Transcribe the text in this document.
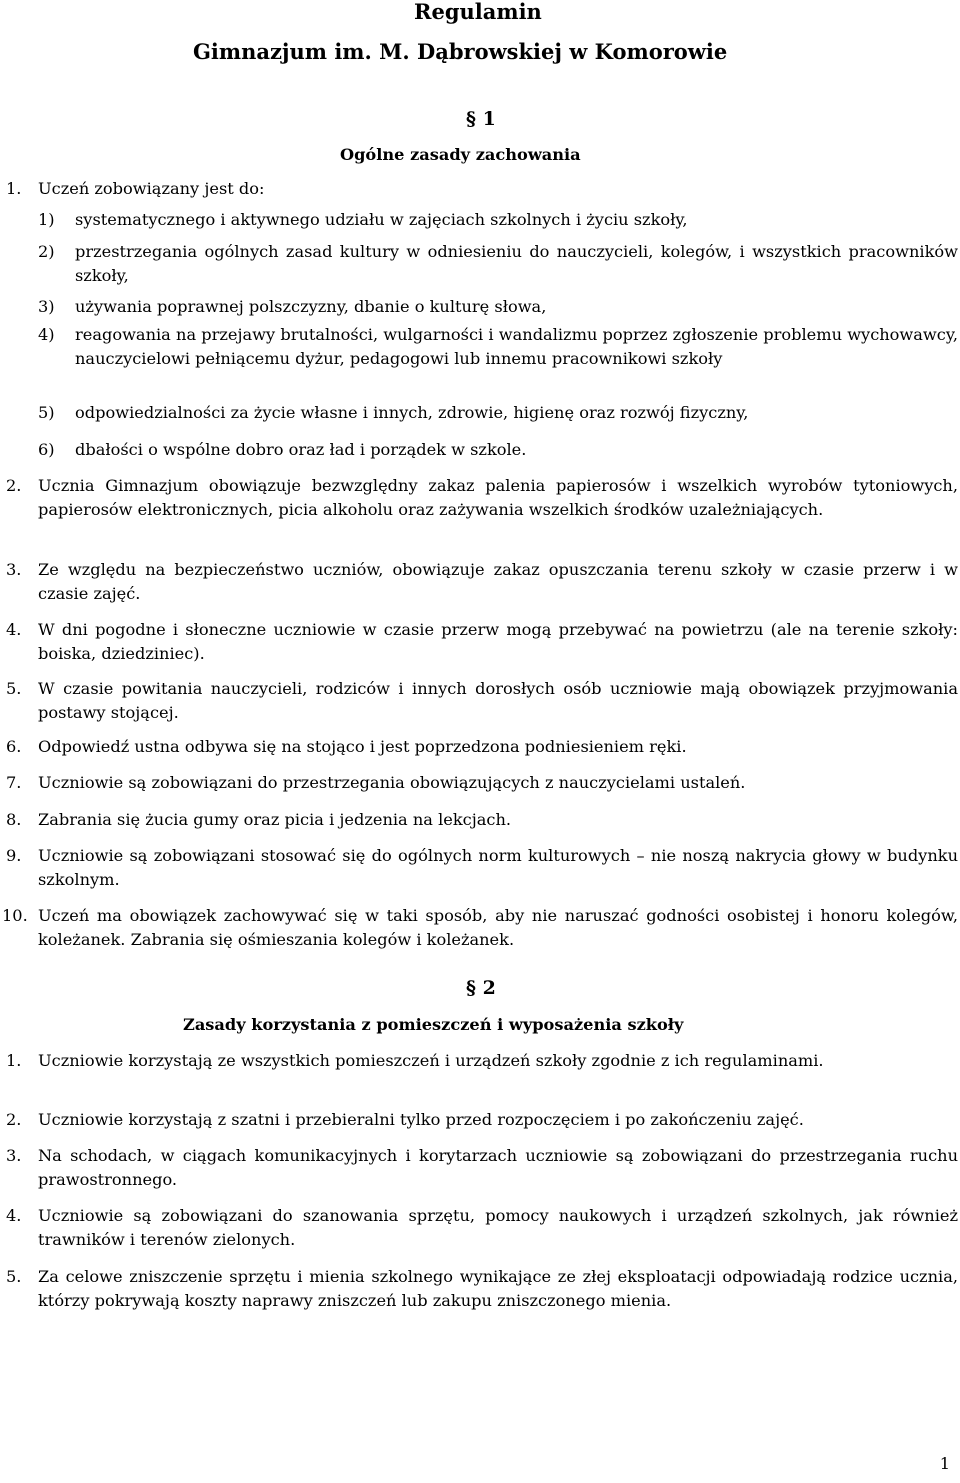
Regulamin
Gimnazjum im. M. Dąbrowskiej w Komorowie
§ 1
Ogólne zasady zachowania
1. Uczeń zobowiązany jest do:
1) systematycznego i aktywnego udziału w zajęciach szkolnych i życiu szkoły,
2) przestrzegania ogólnych zasad kultury w odniesieniu do nauczycieli, kolegów, i wszystkich pracowników szkoły,
3) używania poprawnej polszczyzny, dbanie o kulturę słowa,
4) reagowania na przejawy brutalności, wulgarności i wandalizmu poprzez zgłoszenie problemu wychowawcy, nauczycielowi pełniącemu dyżur, pedagogowi lub innemu pracownikowi szkoły
5) odpowiedzialności za życie własne i innych, zdrowie, higienę oraz rozwój fizyczny,
6) dbałości o wspólne dobro oraz ład i porządek w szkole.
2. Ucznia Gimnazjum obowiązuje bezwzględny zakaz palenia papierosów i wszelkich wyrobów tytoniowych, papierosów elektronicznych, picia alkoholu oraz zażywania wszelkich środków uzależniających.
3. Ze względu na bezpieczeństwo uczniów, obowiązuje zakaz opuszczania terenu szkoły w czasie przerw i w czasie zajęć.
4. W dni pogodne i słoneczne uczniowie w czasie przerw mogą przebywać na powietrzu (ale na terenie szkoły: boiska, dziedziniec).
5. W czasie powitania nauczycieli, rodziców i innych dorosłych osób uczniowie mają obowiązek przyjmowania postawy stojącej.
6. Odpowiedź ustna odbywa się na stojąco i jest poprzedzona podniesieniem ręki.
7. Uczniowie są zobowiązani do przestrzegania obowiązujących z nauczycielami ustaleń.
8. Zabrania się żucia gumy oraz picia i jedzenia na lekcjach.
9. Uczniowie są zobowiązani stosować się do ogólnych norm kulturowych – nie noszą nakrycia głowy w budynku szkolnym.
10. Uczeń ma obowiązek zachowywać się w taki sposób, aby nie naruszać godności osobistej i honoru kolegów, koleżanek. Zabrania się ośmieszania kolegów i koleżanek.
§ 2
Zasady korzystania z pomieszczeń i wyposażenia szkoły
1. Uczniowie korzystają ze wszystkich pomieszczeń i urządzeń szkoły zgodnie z ich regulaminami.
2. Uczniowie korzystają z szatni i przebieralni tylko przed rozpoczęciem i po zakończeniu zajęć.
3. Na schodach, w ciągach komunikacyjnych i korytarzach uczniowie są zobowiązani do przestrzegania ruchu prawostronnego.
4. Uczniowie są zobowiązani do szanowania sprzętu, pomocy naukowych i urządzeń szkolnych, jak również trawników i terenów zielonych.
5. Za celowe zniszczenie sprzętu i mienia szkolnego wynikające ze złej eksploatacji odpowiadają rodzice ucznia, którzy pokrywają koszty naprawy zniszczeń lub zakupu zniszczonego mienia.
1
